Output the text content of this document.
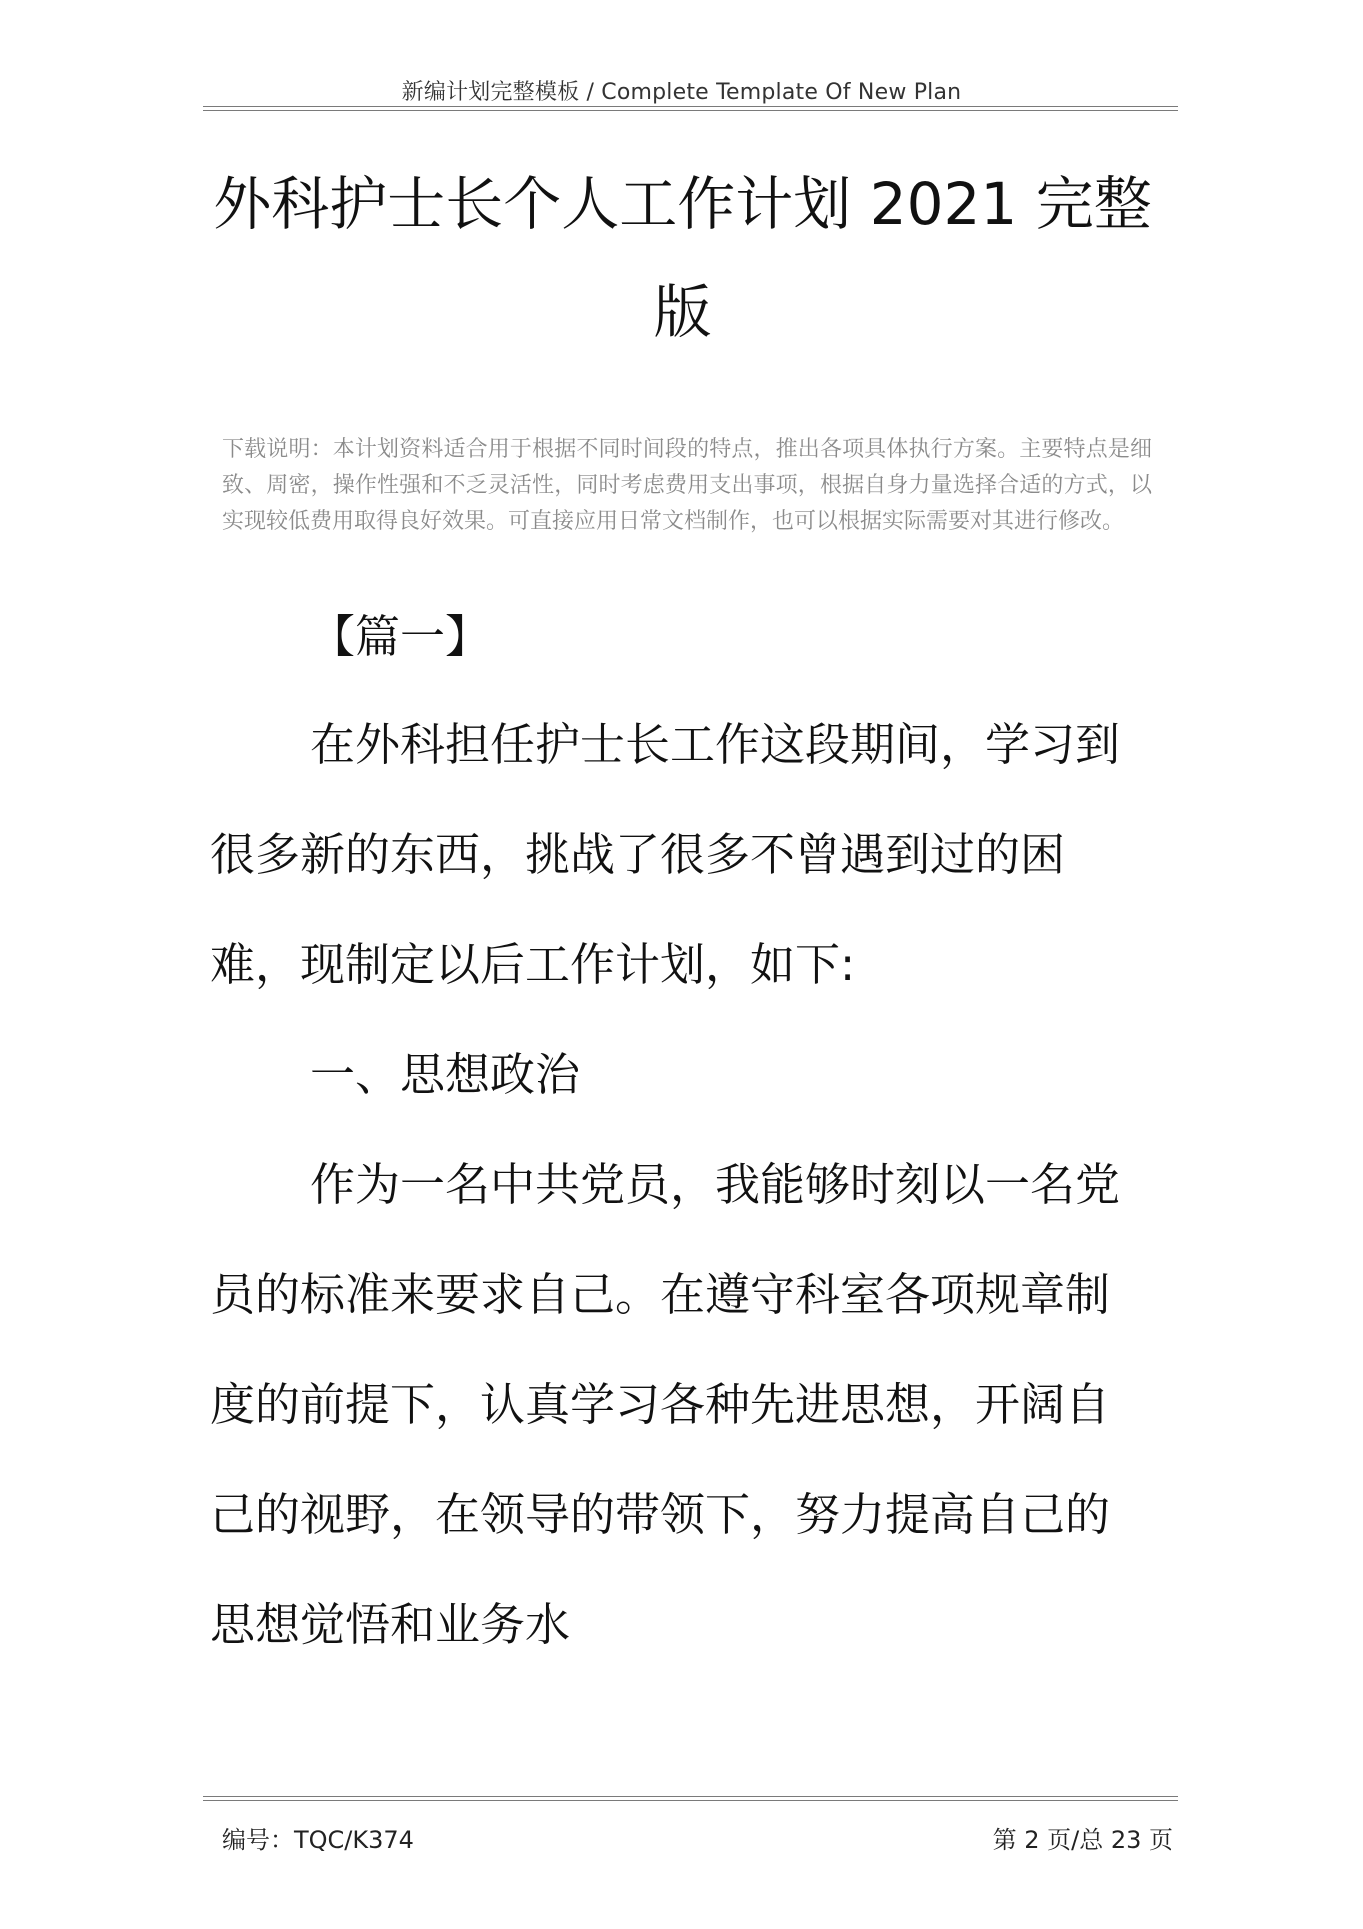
新编计划完整模板 / Complete Template Of New Plan
外科护士长个人工作计划 2021 完整版

下载说明：本计划资料适合用于根据不同时间段的特点，推出各项具体执行方案。主要特点是细致、周密，操作性强和不乏灵活性，同时考虑费用支出事项，根据自身力量选择合适的方式，以实现较低费用取得良好效果。可直接应用日常文档制作，也可以根据实际需要对其进行修改。

【篇一】

在外科担任护士长工作这段期间，学习到很多新的东西，挑战了很多不曾遇到过的困难，现制定以后工作计划，如下:

一、思想政治

作为一名中共党员，我能够时刻以一名党员的标准来要求自己。在遵守科室各项规章制度的前提下，认真学习各种先进思想，开阔自己的视野，在领导的带领下，努力提高自己的思想觉悟和业务水

编号：TQC/K374	第 2 页/总 23 页
